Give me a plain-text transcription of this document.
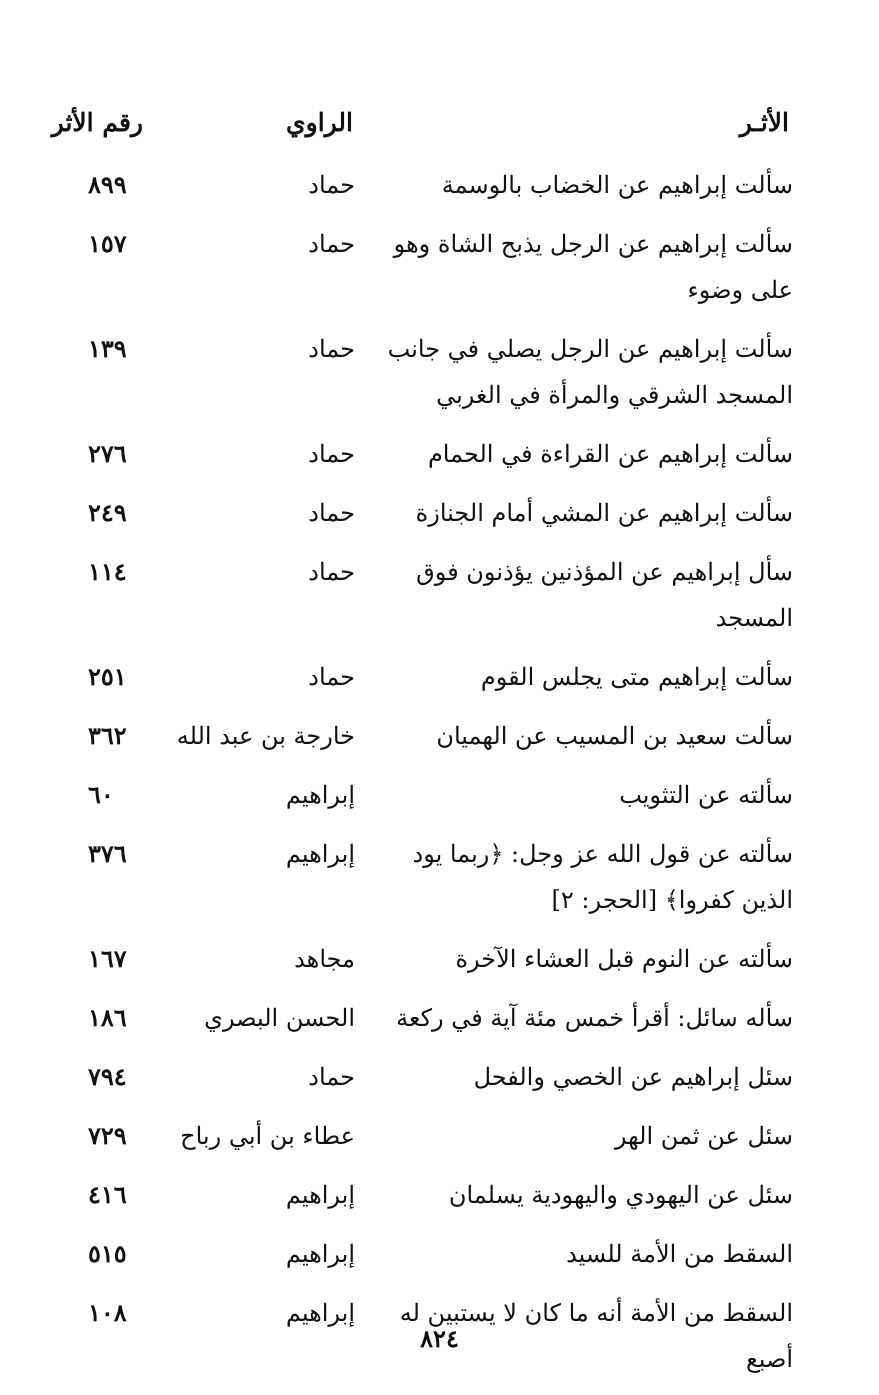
الأثـر
الراوي
رقم الأثر
سألت إبراهيم عن الخضاب بالوسمة
حماد
٨٩٩
سألت إبراهيم عن الرجل يذبح الشاة وهو على وضوء
حماد
١٥٧
سألت إبراهيم عن الرجل يصلي في جانب المسجد الشرقي والمرأة في الغربي
حماد
١٣٩
سألت إبراهيم عن القراءة في الحمام
حماد
٢٧٦
سألت إبراهيم عن المشي أمام الجنازة
حماد
٢٤٩
سأل إبراهيم عن المؤذنين يؤذنون فوق المسجد
حماد
١١٤
سألت إبراهيم متى يجلس القوم
حماد
٢٥١
سألت سعيد بن المسيب عن الهميان
خارجة بن عبد الله
٣٦٢
سألته عن التثويب
إبراهيم
٦٠
سألته عن قول الله عز وجل: ﴿ربما يود الذين كفروا﴾ [الحجر: ٢]
إبراهيم
٣٧٦
سألته عن النوم قبل العشاء الآخرة
مجاهد
١٦٧
سأله سائل: أقرأ خمس مئة آية في ركعة
الحسن البصري
١٨٦
سئل إبراهيم عن الخصي والفحل
حماد
٧٩٤
سئل عن ثمن الهر
عطاء بن أبي رباح
٧٢٩
سئل عن اليهودي واليهودية يسلمان
إبراهيم
٤١٦
السقط من الأمة للسيد
إبراهيم
٥١٥
السقط من الأمة أنه ما كان لا يستبين له أصبع
إبراهيم
١٠٨
٨٢٤
